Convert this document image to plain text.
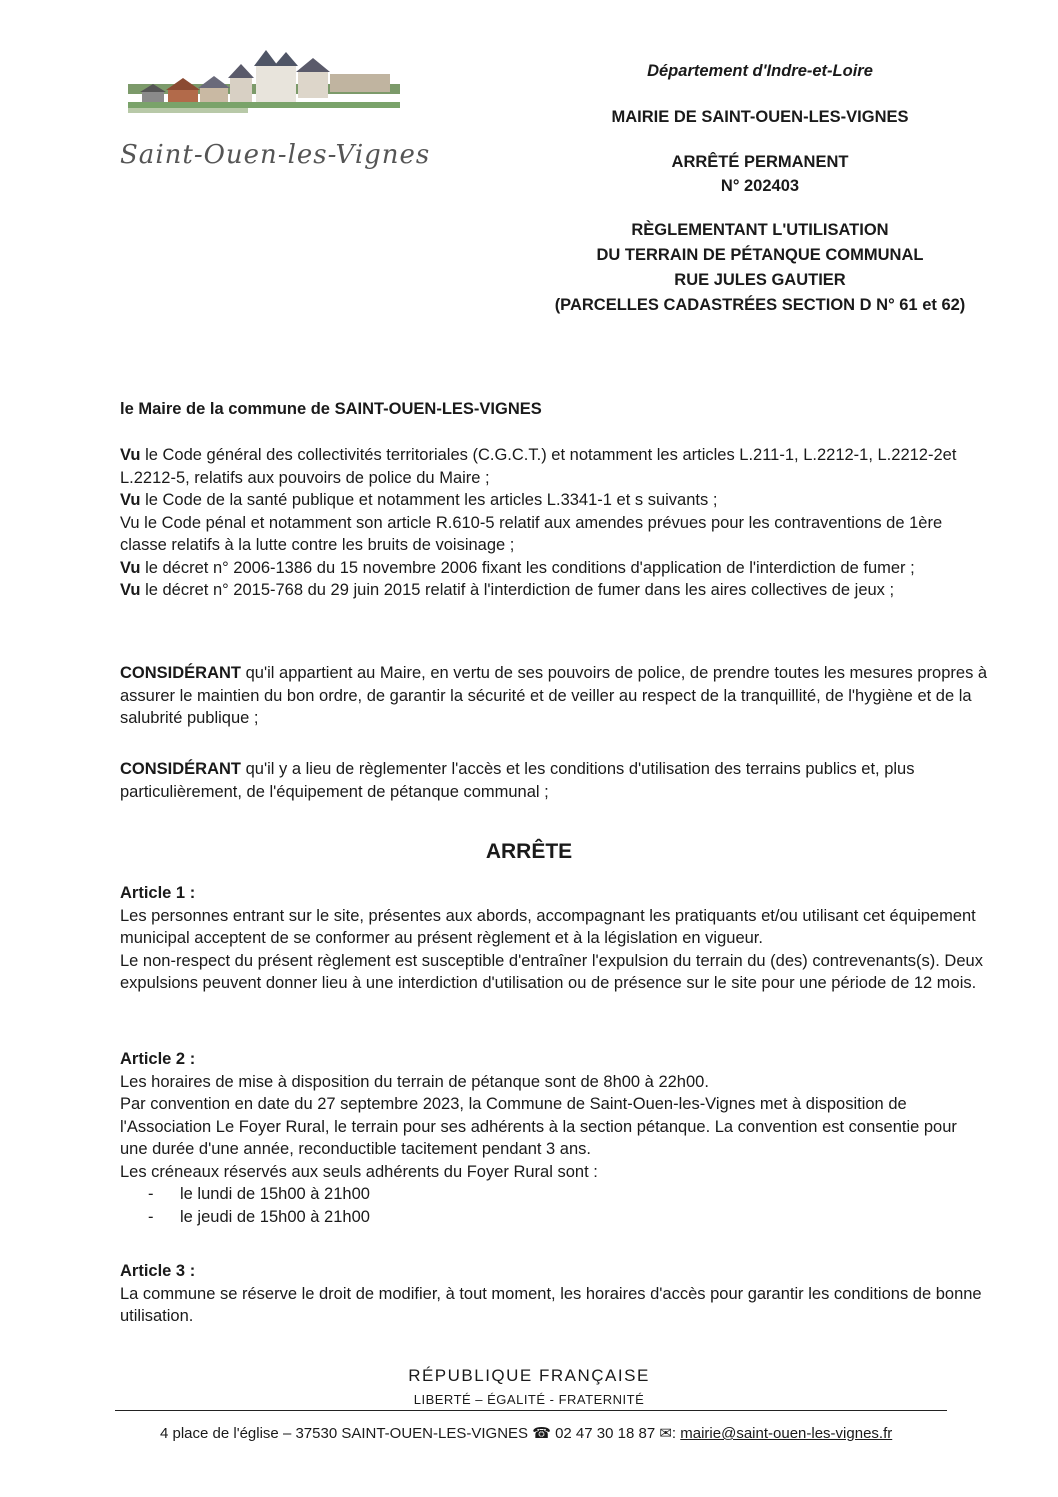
Saint-Ouen-les-Vignes
Département d'Indre-et-Loire
MAIRIE DE SAINT-OUEN-LES-VIGNES
ARRÊTÉ PERMANENT
N° 202403
RÈGLEMENTANT L'UTILISATION
DU TERRAIN DE PÉTANQUE COMMUNAL
RUE JULES GAUTIER
(PARCELLES CADASTRÉES SECTION D N° 61 et 62)
le Maire de la commune de SAINT-OUEN-LES-VIGNES

Vu le Code général des collectivités territoriales (C.G.C.T.) et notamment les articles L.211-1, L.2212-1, L.2212-2et L.2212-5, relatifs aux pouvoirs de police du Maire ;

Vu le Code de la santé publique et notamment les articles L.3341-1 et s suivants ;

Vu le Code pénal et notamment son article R.610-5 relatif aux amendes prévues pour les contraventions de 1ère classe relatifs à la lutte contre les bruits de voisinage ;

Vu le décret n° 2006-1386 du 15 novembre 2006 fixant les conditions d'application de l'interdiction de fumer ;

Vu le décret n° 2015-768 du 29 juin 2015 relatif à l'interdiction de fumer dans les aires collectives de jeux ;

CONSIDÉRANT qu'il appartient au Maire, en vertu de ses pouvoirs de police, de prendre toutes les mesures propres à assurer le maintien du bon ordre, de garantir la sécurité et de veiller au respect de la tranquillité, de l'hygiène et de la salubrité publique ;

CONSIDÉRANT qu'il y a lieu de règlementer l'accès et les conditions d'utilisation des terrains publics et, plus particulièrement, de l'équipement de pétanque communal ;

ARRÊTE

Article 1 :

Les personnes entrant sur le site, présentes aux abords, accompagnant les pratiquants et/ou utilisant cet équipement municipal acceptent de se conformer au présent règlement et à la législation en vigueur.

Le non-respect du présent règlement est susceptible d'entraîner l'expulsion du terrain du (des) contrevenants(s). Deux expulsions peuvent donner lieu à une interdiction d'utilisation ou de présence sur le site pour une période de 12 mois.

Article 2 :

Les horaires de mise à disposition du terrain de pétanque sont de 8h00 à 22h00.

Par convention en date du 27 septembre 2023, la Commune de Saint-Ouen-les-Vignes met à disposition de l'Association Le Foyer Rural, le terrain pour ses adhérents à la section pétanque. La convention est consentie pour une durée d'une année, reconductible tacitement pendant 3 ans.

Les créneaux réservés aux seuls adhérents du Foyer Rural sont :

- le lundi de 15h00 à 21h00

- le jeudi de 15h00 à 21h00

Article 3 :

La commune se réserve le droit de modifier, à tout moment, les horaires d'accès pour garantir les conditions de bonne utilisation.

RÉPUBLIQUE FRANÇAISE
LIBERTÉ – ÉGALITÉ - FRATERNITÉ
4 place de l'église – 37530 SAINT-OUEN-LES-VIGNES ☎ 02 47 30 18 87 ✉: mairie@saint-ouen-les-vignes.fr
